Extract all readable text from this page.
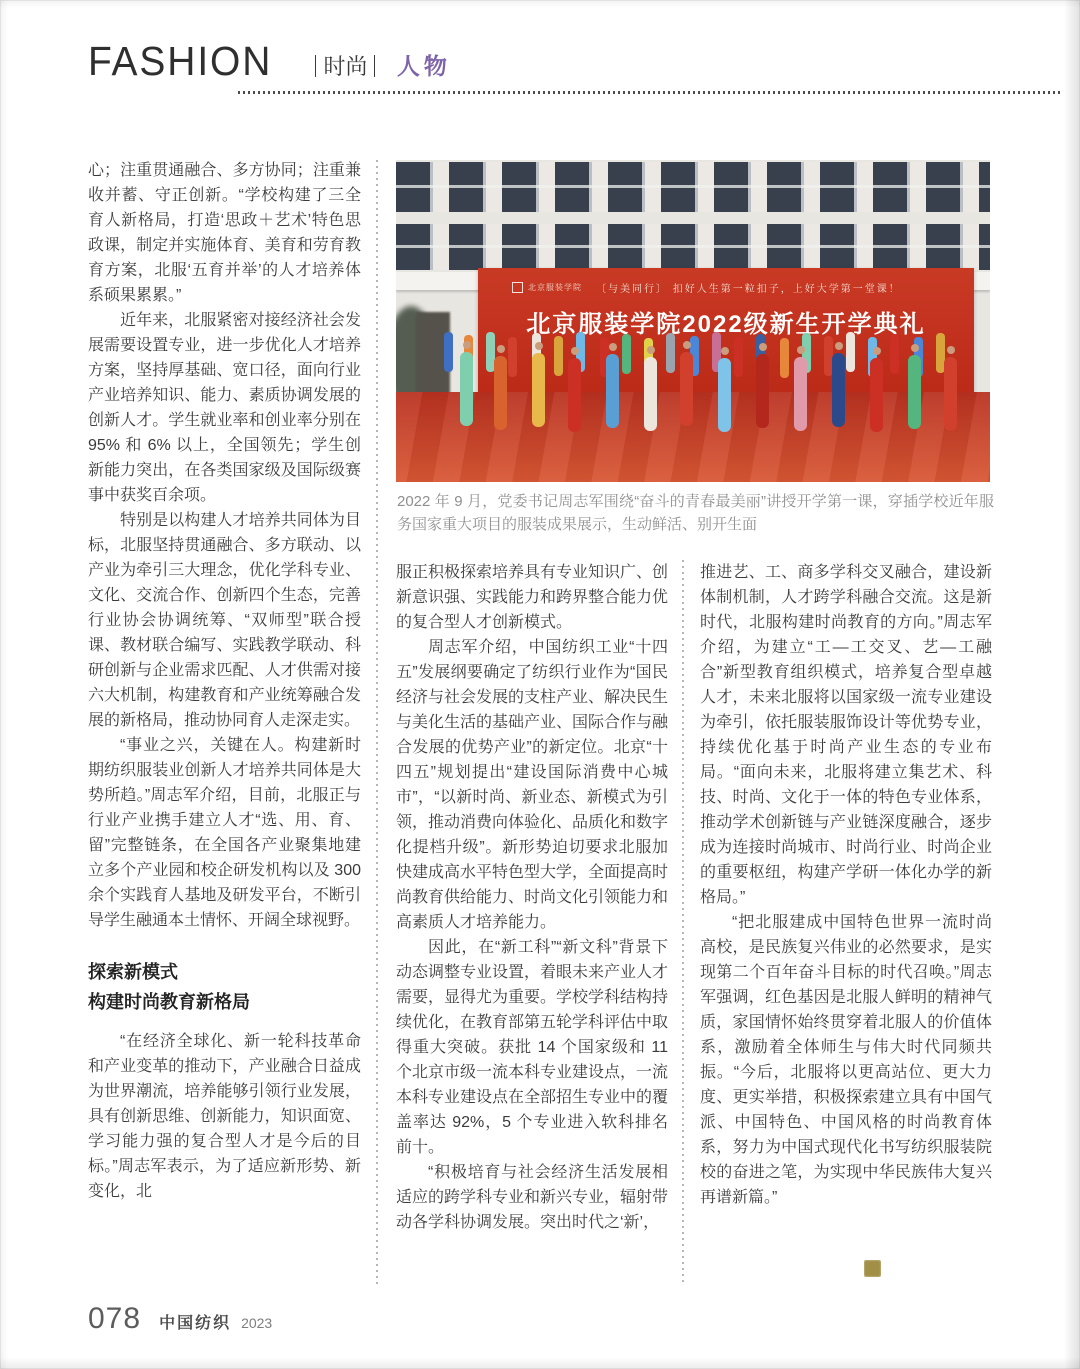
FASHION 时尚 人物

心；注重贯通融合、多方协同；注重兼收并蓄、守正创新。“学校构建了三全育人新格局，打造‘思政＋艺术’特色思政课，制定并实施体育、美育和劳育教育方案，北服‘五育并举’的人才培养体系硕果累累。”

近年来，北服紧密对接经济社会发展需要设置专业，进一步优化人才培养方案，坚持厚基础、宽口径，面向行业产业培养知识、能力、素质协调发展的创新人才。学生就业率和创业率分别在 95% 和 6% 以上，全国领先；学生创新能力突出，在各类国家级及国际级赛事中获奖百余项。

特别是以构建人才培养共同体为目标，北服坚持贯通融合、多方联动、以产业为牵引三大理念，优化学科专业、文化、交流合作、创新四个生态，完善行业协会协调统筹、“双师型”联合授课、教材联合编写、实践教学联动、科研创新与企业需求匹配、人才供需对接六大机制，构建教育和产业统筹融合发展的新格局，推动协同育人走深走实。

“事业之兴，关键在人。构建新时期纺织服装业创新人才培养共同体是大势所趋。”周志军介绍，目前，北服正与行业产业携手建立人才“选、用、育、留”完整链条，在全国各产业聚集地建立多个产业园和校企研发机构以及 300 余个实践育人基地及研发平台，不断引导学生融通本土情怀、开阔全球视野。

探索新模式
构建时尚教育新格局

“在经济全球化、新一轮科技革命和产业变革的推动下，产业融合日益成为世界潮流，培养能够引领行业发展，具有创新思维、创新能力，知识面宽、学习能力强的复合型人才是今后的目标。”周志军表示，为了适应新形势、新变化，北

北京服装学院 〔与美同行〕 扣好人生第一粒扣子，上好大学第一堂课！
北京服装学院2022级新生开学典礼
2022 年 9 月，党委书记周志军围绕“奋斗的青春最美丽”讲授开学第一课，穿插学校近年服务国家重大项目的服装成果展示，生动鲜活、别开生面

服正积极探索培养具有专业知识广、创新意识强、实践能力和跨界整合能力优的复合型人才创新模式。

周志军介绍，中国纺织工业“十四五”发展纲要确定了纺织行业作为“国民经济与社会发展的支柱产业、解决民生与美化生活的基础产业、国际合作与融合发展的优势产业”的新定位。北京“十四五”规划提出“建设国际消费中心城市”，“以新时尚、新业态、新模式为引领，推动消费向体验化、品质化和数字化提档升级”。新形势迫切要求北服加快建成高水平特色型大学，全面提高时尚教育供给能力、时尚文化引领能力和高素质人才培养能力。

因此，在“新工科”“新文科”背景下动态调整专业设置，着眼未来产业人才需要，显得尤为重要。学校学科结构持续优化，在教育部第五轮学科评估中取得重大突破。获批 14 个国家级和 11 个北京市级一流本科专业建设点，一流本科专业建设点在全部招生专业中的覆盖率达 92%，5 个专业进入软科排名前十。

“积极培育与社会经济生活发展相适应的跨学科专业和新兴专业，辐射带动各学科协调发展。突出时代之‘新’，

推进艺、工、商多学科交叉融合，建设新体制机制，人才跨学科融合交流。这是新时代，北服构建时尚教育的方向。”周志军介绍，为建立“工—工交叉、艺—工融合”新型教育组织模式，培养复合型卓越人才，未来北服将以国家级一流专业建设为牵引，依托服装服饰设计等优势专业，持续优化基于时尚产业生态的专业布局。“面向未来，北服将建立集艺术、科技、时尚、文化于一体的特色专业体系，推动学术创新链与产业链深度融合，逐步成为连接时尚城市、时尚行业、时尚企业的重要枢纽，构建产学研一体化办学的新格局。”

“把北服建成中国特色世界一流时尚高校，是民族复兴伟业的必然要求，是实现第二个百年奋斗目标的时代召唤。”周志军强调，红色基因是北服人鲜明的精神气质，家国情怀始终贯穿着北服人的价值体系，激励着全体师生与伟大时代同频共振。“今后，北服将以更高站位、更大力度、更实举措，积极探索建立具有中国气派、中国特色、中国风格的时尚教育体系，努力为中国式现代化书写纺织服装院校的奋进之笔，为实现中华民族伟大复兴再谱新篇。”

078 中国纺织 2023
